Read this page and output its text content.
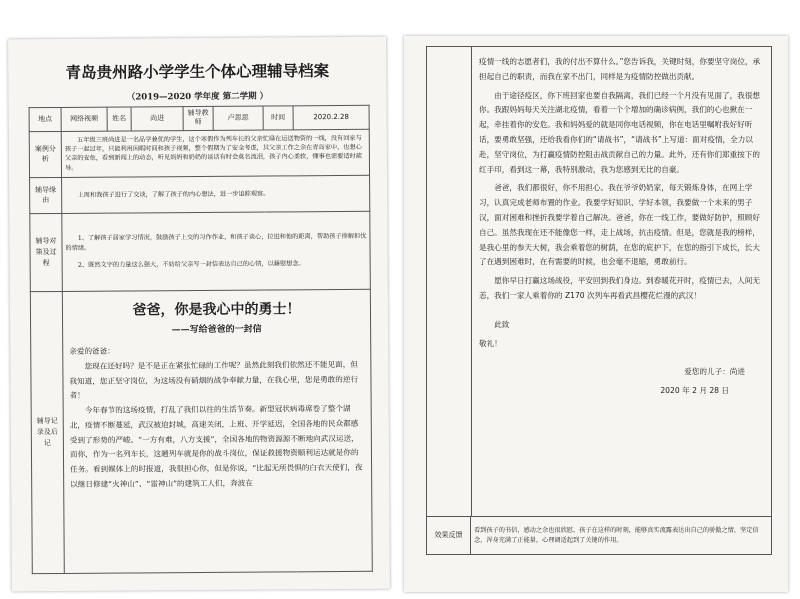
青岛贵州路小学学生个体心理辅导档案
（2019—2020 学年度 第二学期 ）
地点	网络视频	姓名	尚进	辅导教师	卢思思	时间	2020.2.28
案例分析	五年级三班尚进是一名品学兼优的学生，这个寒假作为列车长的父亲忙碌在运送物资的一线，没有回家与孩子一起过年，只能利用闲暇时间和孩子视频，整个假期为了安全考虑，其父亲工作之余在青岛家中，也想心父亲的安危，看到新闻上的动态，听见妈妈和奶奶的谈话有时会莫名流泪，孩子内心柔软，懂事也需要适时疏导。						
辅导缘由	上周和我孩子进行了交谈，了解了孩子的内心想法，进一步追踪观察。						
辅导对策及过程	1、了解孩子居家学习情况，鼓励孩子上交的习作作业，和孩子谈心，拉进和他的距离，帮助孩子排解担忧的情绪。
2、既然文字的力量这么强大，不妨给父亲写一封信表达自己的心情，以藉慰想念。						

辅导记录及后记	爸爸，你是我心中的勇士！
——写给爸爸的一封信

亲爱的爸爸：

您现在还好吗？是不是正在紧张忙碌的工作呢？虽然此刻我们依然还不能见面，但我知道，您正坚守岗位，为这场没有硝烟的战争奉献力量，在我心里，您是勇敢的逆行者！

今年春节的这场疫情，打乱了我们以往的生活节奏。新型冠状病毒席卷了整个湖北，疫情不断蔓延，武汉被迫封城，高速关闭，上班、开学延迟，全国各地的民众都感受到了形势的严峻。“一方有难，八方支援”，全国各地的物资源源不断地向武汉运送，而你，作为一名列车长，这趟列车就是你的战斗岗位，保证救援物资顺利运达就是你的任务。看到媒体上的时报道，我很担心你，但是你说，“比起无所畏惧的白衣天使们，夜以继日修建“火神山”、“雷神山”的建筑工人们，奔波在						

疫情一线的志愿者们，我的付出不算什么。”您告诉我，关键时刻，你要坚守岗位，承担起自己的职责，而我在家不出门，同样是为疫情防控做出贡献。

由于途径疫区，你下班回家也要自我隔离，我们已经一个月没有见面了，我很想你。我跟妈妈每天关注湖北疫情，看着一个个增加的确诊病例，我们的心也揪在一起，牵挂着你的安危。我和妈妈爱的就是同你电话视频，你在电话里嘱咐我好好听话，要勇敢坚强，还给我看你们的“请战书”，“请战书”上写道：面对疫情，全力以赴，坚守岗位，为打赢疫情防控阻击战贡献自己的力量。此外，还有你们郑重按下的红手印，看到这一幕，我特别激动，我为您感到无比的自豪。

爸爸，我们都很好，你不用担心。我在爷爷奶奶家，每天锻炼身体，在网上学习，认真完成老师布置的作业。我要学好知识、学好本领，我要做一个未来的男子汉，面对困难和挫折我要学着自己解决。爸爸，你在一线工作，要做好防护，照顾好自己。虽然我现在还不能像您一样，走上战场，抗击疫情。但是，您就是我的榜样，是我心里的参天大树，我会乘着您的树荫，在您的庇护下，在您的指引下成长，长大了在遇到困难时，在有需要的时候，也会毫不退缩，勇敢前行。

愿你早日打赢这场战役，平安回到我们身边。到春暖花开时，疫情已去，人间无恙，我们一家人乘着你的 Z170 次列车再看武昌樱花烂漫的武汉！

此致

敬礼！

爱您的儿子：尚进

2020 年 2 月 28 日

效果反馈	看到孩子的书信，感动之余也很欣慰，孩子在这样的时刻，能够真实流露表达出自己的骄傲之情，坚定信念，浑身充满了正能量，心理调适起到了关键的作用。
